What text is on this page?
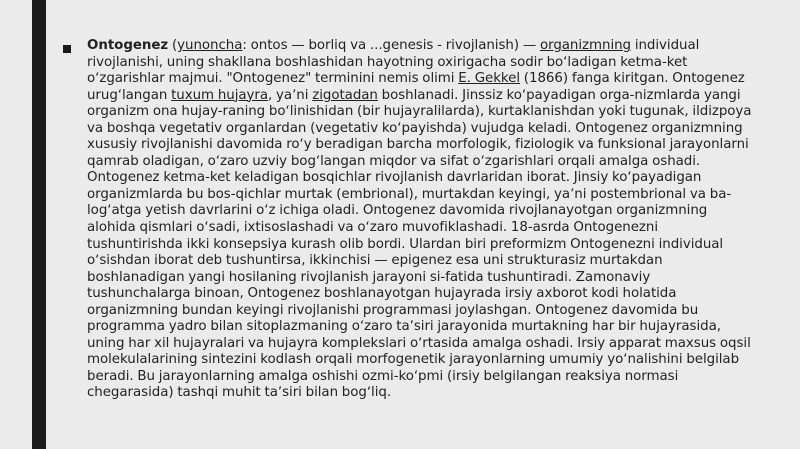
Ontogenez (yunoncha: ontos — borliq va ...genesis - rivojlanish) — organizmning individual rivojlanishi, uning shakllana boshlashidan hayotning oxirigacha sodir boʻladigan ketma-ket oʻzgarishlar majmui. "Ontogenez" terminini nemis olimi E. Gekkel (1866) fanga kiritgan. Ontogenez urugʻlangan tuxum hujayra, yaʼni zigotadan boshlanadi. Jinssiz koʻpayadigan orga-nizmlarda yangi organizm ona hujay-raning boʻlinishidan (bir hujayralilarda), kurtaklanishdan yoki tugunak, ildizpoya va boshqa vegetativ organlardan (vegetativ koʻpayishda) vujudga keladi. Ontogenez organizmning xususiy rivojlanishi davomida roʻy beradigan barcha morfologik, fiziologik va funksional jarayonlarni qamrab oladigan, oʻzaro uzviy bogʻlangan miqdor va sifat oʻzgarishlari orqali amalga oshadi. Ontogenez ketma-ket keladigan bosqichlar rivojlanish davrlaridan iborat. Jinsiy koʻpayadigan organizmlarda bu bos-qichlar murtak (embrional), murtakdan keyingi, yaʼni postembrional va ba-logʻatga yetish davrlarini oʻz ichiga oladi. Ontogenez davomida rivojlanayotgan organizmning alohida qismlari oʻsadi, ixtisoslashadi va oʻzaro muvofiklashadi. 18-asrda Ontogenezni tushuntirishda ikki konsepsiya kurash olib bordi. Ulardan biri preformizm Ontogenezni individual oʻsishdan iborat deb tushuntirsa, ikkinchisi — epigenez esa uni strukturasiz murtakdan boshlanadigan yangi hosilaning rivojlanish jarayoni si-fatida tushuntiradi. Zamonaviy tushunchalarga binoan, Ontogenez boshlanayotgan hujayrada irsiy axborot kodi holatida organizmning bundan keyingi rivojlanishi programmasi joylashgan. Ontogenez davomida bu programma yadro bilan sitoplazmaning oʻzaro taʼsiri jarayonida murtakning har bir hujayrasida, uning har xil hujayralari va hujayra komplekslari oʻrtasida amalga oshadi. Irsiy apparat maxsus oqsil molekulalarining sintezini kodlash orqali morfogenetik jarayonlarning umumiy yoʻnalishini belgilab beradi. Bu jarayonlarning amalga oshishi ozmi-koʻpmi (irsiy belgilangan reaksiya normasi chegarasida) tashqi muhit taʼsiri bilan bogʻliq.
